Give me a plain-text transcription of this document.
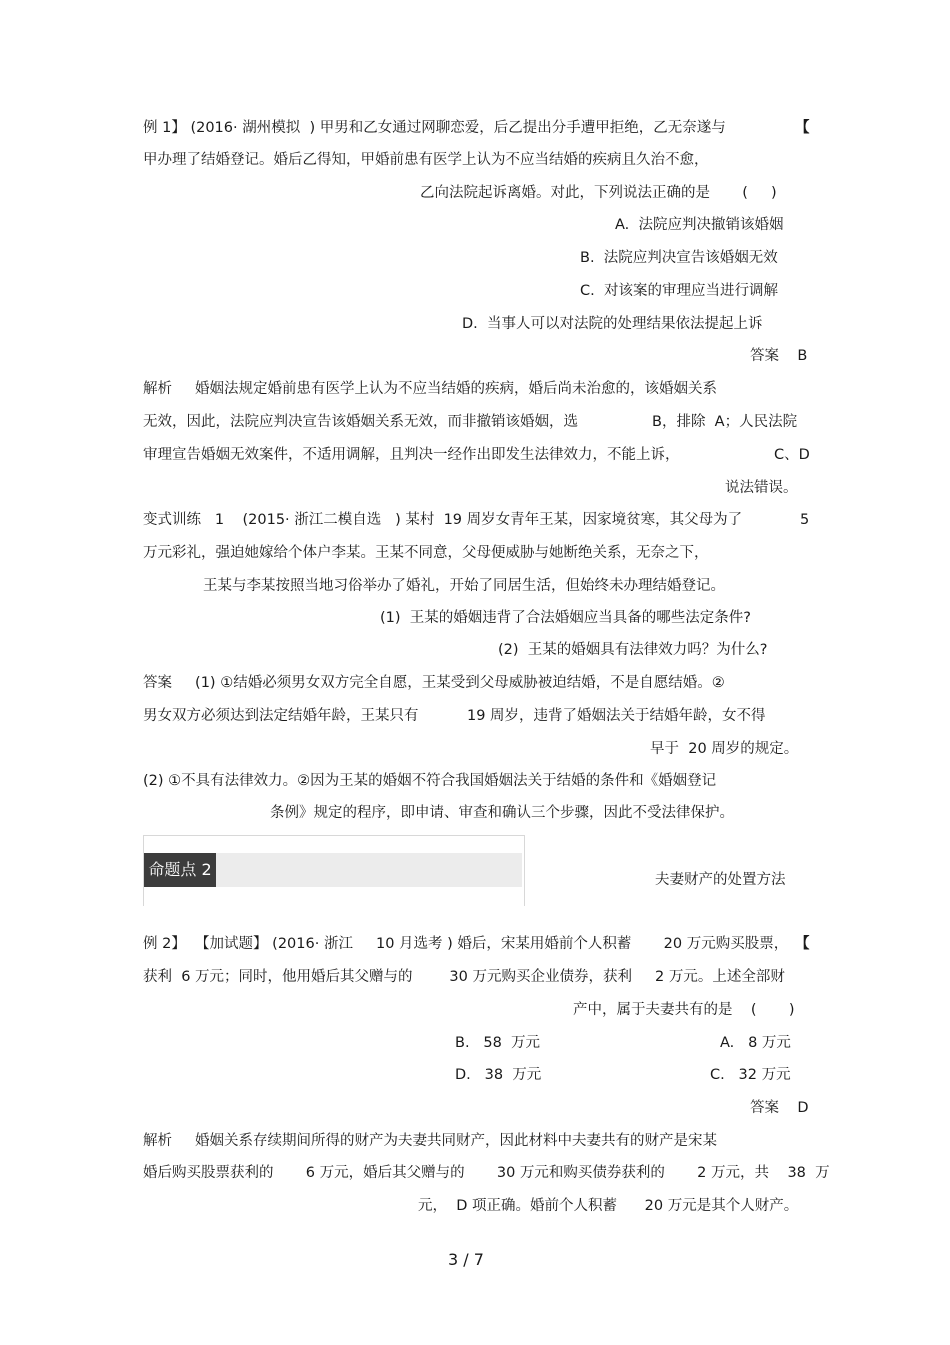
例 1】 (2016· 湖州模拟  ) 甲男和乙女通过网聊恋爱，后乙提出分手遭甲拒绝，乙无奈遂与	【
甲办理了结婚登记。婚后乙得知，甲婚前患有医学上认为不应当结婚的疾病且久治不愈，
乙向法院起诉离婚。对此，下列说法正确的是       (     )
A.  法院应判决撤销该婚姻
B.  法院应判决宣告该婚姻无效
C.  对该案的审理应当进行调解
D.  当事人可以对法院的处理结果依法提起上诉
答案    B
解析     婚姻法规定婚前患有医学上认为不应当结婚的疾病，婚后尚未治愈的，该婚姻关系
无效，因此，法院应判决宣告该婚姻关系无效，而非撤销该婚姻，选	B，排除  A；人民法院
审理宣告婚姻无效案件，不适用调解，且判决一经作出即发生法律效力，不能上诉，	C、D
说法错误。
变式训练   1    (2015· 浙江二模自选   ) 某村  19 周岁女青年王某，因家境贫寒，其父母为了	5
万元彩礼，强迫她嫁给个体户李某。王某不同意，父母便威胁与她断绝关系，无奈之下，
王某与李某按照当地习俗举办了婚礼，开始了同居生活，但始终未办理结婚登记。
(1)  王某的婚姻违背了合法婚姻应当具备的哪些法定条件?
(2)  王某的婚姻具有法律效力吗？为什么?
答案     (1) ①结婚必须男女双方完全自愿，王某受到父母威胁被迫结婚，不是自愿结婚。②
男女双方必须达到法定结婚年龄，王某只有	19 周岁，违背了婚姻法关于结婚年龄，女不得
早于  20 周岁的规定。
(2) ①不具有法律效力。②因为王某的婚姻不符合我国婚姻法关于结婚的条件和《婚姻登记
条例》规定的程序，即申请、审查和确认三个步骤，因此不受法律保护。
命题点 2
夫妻财产的处置方法
例 2】  【加试题】 (2016· 浙江     10 月选考 ) 婚后，宋某用婚前个人积蓄       20 万元购买股票， 【
获利  6 万元；同时，他用婚后其父赠与的        30 万元购买企业债券，获利     2 万元。上述全部财
产中，属于夫妻共有的是    (       )
B.   58  万元	A.   8 万元
D.   38  万元	C.   32 万元
答案    D
解析     婚姻关系存续期间所得的财产为夫妻共同财产，因此材料中夫妻共有的财产是宋某
婚后购买股票获利的       6 万元，婚后其父赠与的       30 万元和购买债券获利的       2 万元，共    38  万
元，  D 项正确。婚前个人积蓄      20 万元是其个人财产。
3 / 7
